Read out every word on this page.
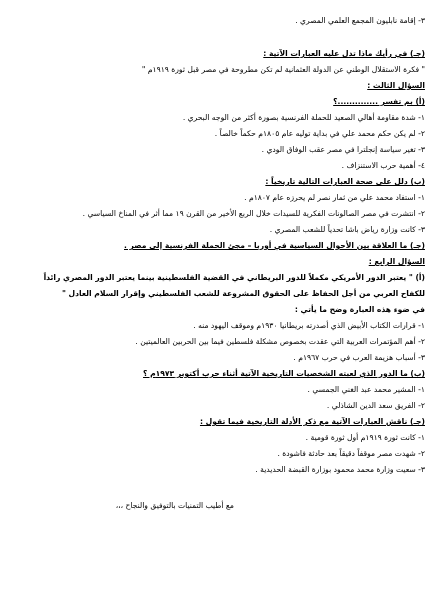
٣- إقامة نابليون المجمع العلمي المصري .
(جـ) في رأيك ماذا تدل عليه العبارات الآتية :
" فكرة الاستقلال الوطني عن الدولة العثمانية لم تكن مطروحة في مصر قبل ثورة ١٩١٩م "
السؤال الثالث :
(أ) بم تفسر ..............؟
١- شدة مقاومة أهالي الصعيد للحملة الفرنسية بصورة أكثر من الوجه البحري .
٢- لم يكن حكم محمد علي في بداية توليه عام ١٨٠٥م حكماً خالصاً .
٣- تغير سياسة إنجلترا في مصر عقب الوفاق الودي .
٤- أهمية حرب الاستنزاف .
(ب) دلل على صحة العبارات التالية تاريخياً :
١- استفاد محمد علي من ثمار نصر لم يحرزه عام ١٨٠٧م .
٢- انتشرت في مصر الصالونات الفكرية للسيدات خلال الربع الأخير من القرن ١٩ مما أثر في المناخ السياسي .
٣- كانت وزارة رياض باشا تحدياً للشعب المصري .
(جـ) ما العلاقة بين الأحوال السياسية في أوربا – مجئ الحملة الفرنسية إلى مصر .
السؤال الرابع :
(أ) " يعتبر الدور الأمريكي مكملاً للدور البريطاني في القضية الفلسطينية بينما يعتبر الدور المصري رائداً
للكفاح العربي من أجل الحفاظ على الحقوق المشروعة للشعب الفلسطيني وإقرار السلام العادل "
في ضوء هذه العبارة وضح ما يأتي :
١- قرارات الكتاب الأبيض الذي أصدرته بريطانيا ١٩٣٠م وموقف اليهود منه .
٢- أهم المؤتمرات العربية التي عقدت بخصوص مشكلة فلسطين فيما بين الحربين العالميتين .
٣- أسباب هزيمة العرب في حرب ١٩٦٧م .
(ب) ما الدور الذي لعبته الشخصيات التاريخية الآتية أثناء حرب أكتوبر ١٩٧٣م ؟
١- المشير محمد عبد الغني الجمسي .
٢- الفريق سعد الدين الشاذلي .
(جـ) ناقش العبارات الآتية مع ذكر الأدلة التاريخية فيما تقول :
١- كانت ثورة ١٩١٩م أول ثورة قومية .
٢- شهدت مصر موقفاً دقيقاً بعد حادثة فاشودة .
٣- سعيت وزارة محمد محمود بوزارة القبضة الحديدية .
مع أطيب التمنيات بالتوفيق والنجاح ،،،
